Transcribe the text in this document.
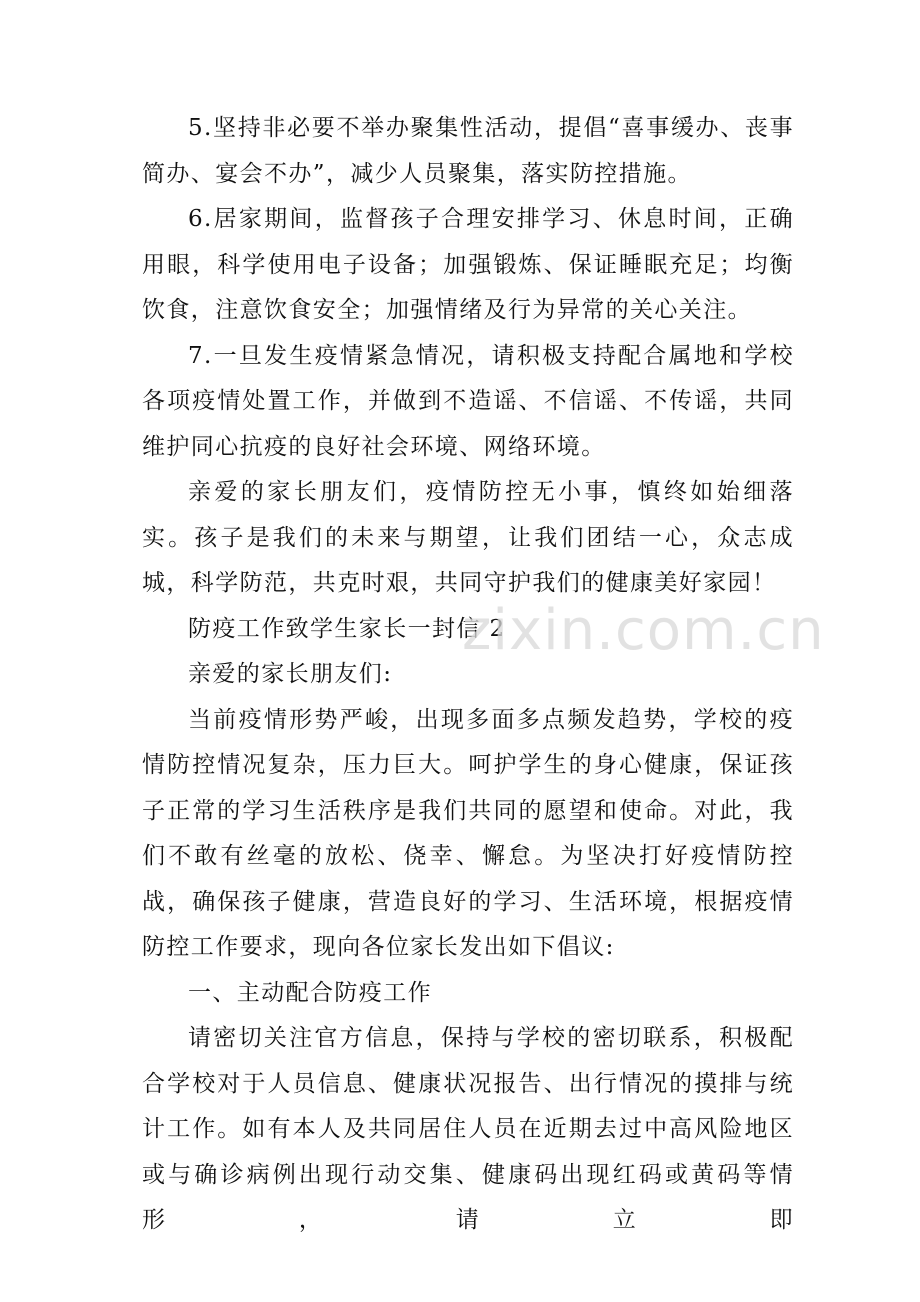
5.坚持非必要不举办聚集性活动，提倡“喜事缓办、丧事简办、宴会不办”，减少人员聚集，落实防控措施。

6.居家期间，监督孩子合理安排学习、休息时间，正确用眼，科学使用电子设备；加强锻炼、保证睡眠充足；均衡饮食，注意饮食安全；加强情绪及行为异常的关心关注。

7.一旦发生疫情紧急情况，请积极支持配合属地和学校各项疫情处置工作，并做到不造谣、不信谣、不传谣，共同维护同心抗疫的良好社会环境、网络环境。

亲爱的家长朋友们，疫情防控无小事，慎终如始细落实。孩子是我们的未来与期望，让我们团结一心，众志成城，科学防范，共克时艰，共同守护我们的健康美好家园！

防疫工作致学生家长一封信 2

亲爱的家长朋友们:

当前疫情形势严峻，出现多面多点频发趋势，学校的疫情防控情况复杂，压力巨大。呵护学生的身心健康，保证孩子正常的学习生活秩序是我们共同的愿望和使命。对此，我们不敢有丝毫的放松、侥幸、懈怠。为坚决打好疫情防控战，确保孩子健康，营造良好的学习、生活环境，根据疫情防控工作要求，现向各位家长发出如下倡议:

一、主动配合防疫工作

请密切关注官方信息，保持与学校的密切联系，积极配合学校对于人员信息、健康状况报告、出行情况的摸排与统计工作。如有本人及共同居住人员在近期去过中高风险地区或与确诊病例出现行动交集、健康码出现红码或黄码等情形，请立即

zixin.com.cn
